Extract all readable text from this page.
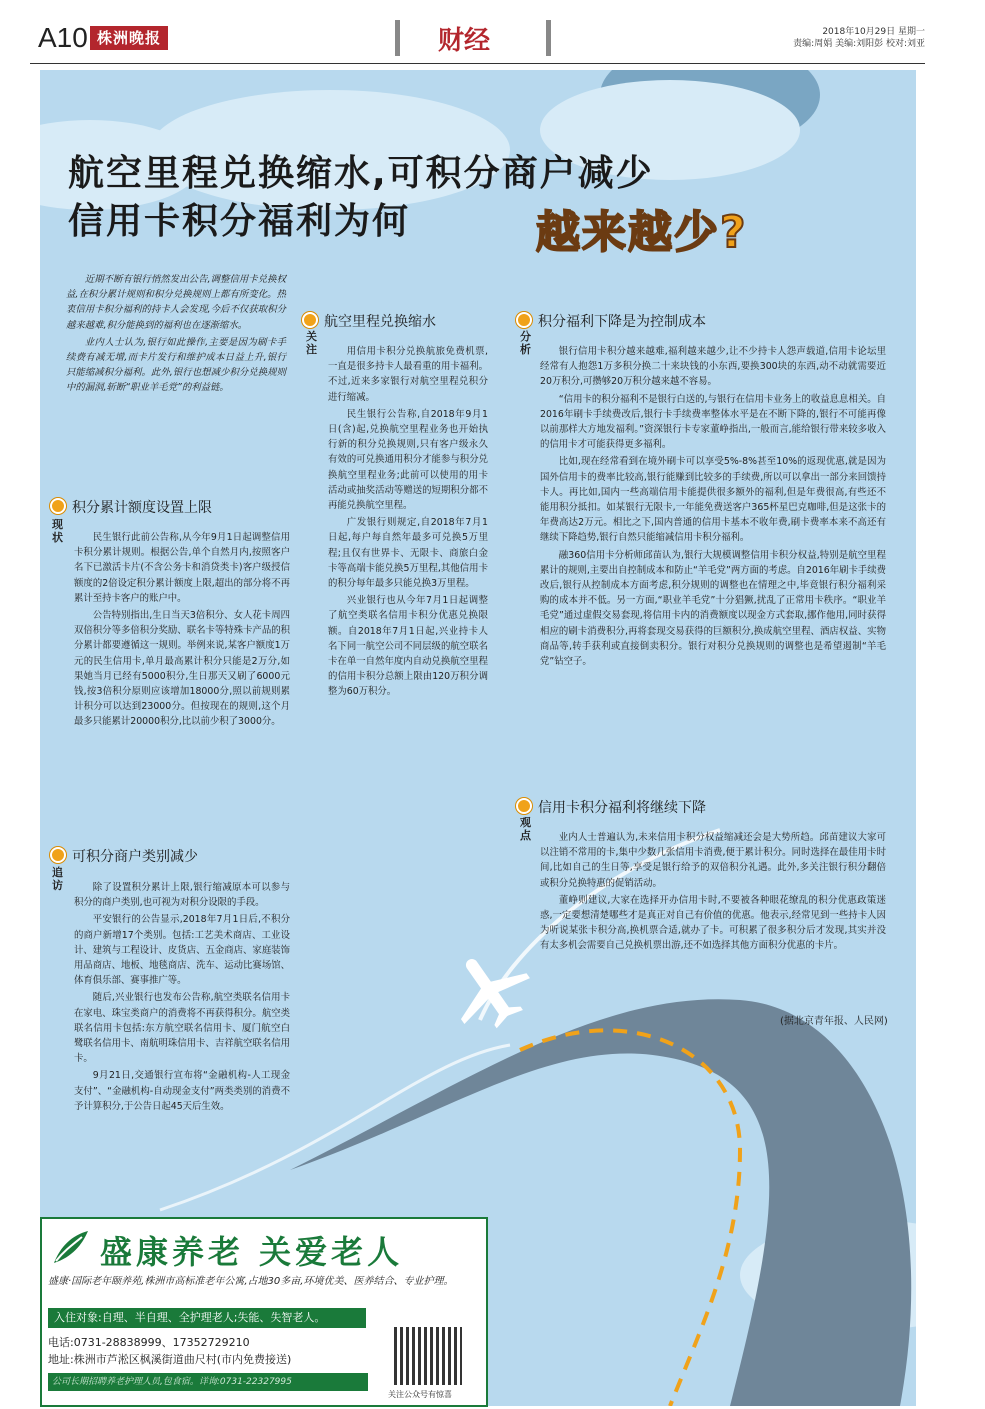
A10 株洲晚报	财经	2018年10月29日 星期一
责编:周娟 美编:刘阳彭 校对:刘亚
航空里程兑换缩水,可积分商户减少
信用卡积分福利为何	越来越少?

近期不断有银行悄然发出公告,调整信用卡兑换权益,在积分累计规则和积分兑换规则上都有所变化。热衷信用卡积分福利的持卡人会发现,今后不仅获取积分越来越难,积分能换到的福利也在逐渐缩水。

业内人士认为,银行如此操作,主要是因为刷卡手续费有减无增,而卡片发行和维护成本日益上升,银行只能缩减积分福利。此外,银行也想减少积分兑换规则中的漏洞,斩断“职业羊毛党”的利益链。

积分累计额度设置上限
现状	民生银行此前公告称,从今年9月1日起调整信用卡积分累计规则。根据公告,单个自然月内,按照客户名下已激活卡片(不含公务卡和消贷类卡)客户级授信额度的2倍设定积分累计额度上限,超出的部分将不再累计至持卡客户的账户中。

公告特别指出,生日当天3倍积分、女人花卡周四双倍积分等多倍积分奖励、联名卡等特殊卡产品的积分累计都要遵循这一规则。举例来说,某客户额度1万元的民生信用卡,单月最高累计积分只能是2万分,如果她当月已经有5000积分,生日那天又刷了6000元钱,按3倍积分原则应该增加18000分,照以前规则累计积分可以达到23000分。但按现在的规则,这个月最多只能累计20000积分,比以前少积了3000分。

可积分商户类别减少
追访	除了设置积分累计上限,银行缩减原本可以参与积分的商户类别,也可视为对积分设限的手段。

平安银行的公告显示,2018年7月1日后,不积分的商户新增17个类别。包括:工艺美术商店、工业设计、建筑与工程设计、皮货店、五金商店、家庭装饰用品商店、地板、地毯商店、洗车、运动比赛场馆、体育俱乐部、赛事推广等。

随后,兴业银行也发布公告称,航空类联名信用卡在家电、珠宝类商户的消费将不再获得积分。航空类联名信用卡包括:东方航空联名信用卡、厦门航空白鹭联名信用卡、南航明珠信用卡、吉祥航空联名信用卡。

9月21日,交通银行宣布将“金融机构-人工现金支付”、“金融机构-自动现金支付”两类类别的消费不予计算积分,于公告日起45天后生效。

航空里程兑换缩水
关注	用信用卡积分兑换航旅免费机票,一直是很多持卡人最看重的用卡福利。不过,近来多家银行对航空里程兑积分进行缩减。

民生银行公告称,自2018年9月1日(含)起,兑换航空里程业务也开始执行新的积分兑换规则,只有客户级永久有效的可兑换通用积分才能参与积分兑换航空里程业务;此前可以使用的用卡活动或抽奖活动等赠送的短期积分都不再能兑换航空里程。

广发银行则规定,自2018年7月1日起,每户每自然年最多可兑换5万里程;且仅有世界卡、无限卡、商旅白金卡等高端卡能兑换5万里程,其他信用卡的积分每年最多只能兑换3万里程。

兴业银行也从今年7月1日起调整了航空类联名信用卡积分优惠兑换限额。自2018年7月1日起,兴业持卡人名下同一航空公司不同层级的航空联名卡在单一自然年度内自动兑换航空里程的信用卡积分总额上限由120万积分调整为60万积分。

积分福利下降是为控制成本
分析	银行信用卡积分越来越难,福利越来越少,让不少持卡人怨声载道,信用卡论坛里经常有人抱怨1万多积分换二十来块钱的小东西,要换300块的东西,动不动就需要近20万积分,可攒够20万积分越来越不容易。

“信用卡的积分福利不是银行白送的,与银行在信用卡业务上的收益息息相关。自2016年刷卡手续费改后,银行卡手续费率整体水平是在不断下降的,银行不可能再像以前那样大方地发福利。”资深银行卡专家董峥指出,一般而言,能给银行带来较多收入的信用卡才可能获得更多福利。

比如,现在经常看到在境外刷卡可以享受5%-8%甚至10%的返现优惠,就是因为国外信用卡的费率比较高,银行能赚到比较多的手续费,所以可以拿出一部分来回馈持卡人。再比如,国内一些高端信用卡能提供很多额外的福利,但是年费很高,有些还不能用积分抵扣。如某银行无限卡,一年能免费送客户365杯星巴克咖啡,但是这张卡的年费高达2万元。相比之下,国内普通的信用卡基本不收年费,刷卡费率本来不高还有继续下降趋势,银行自然只能缩减信用卡积分福利。

融360信用卡分析师邱苗认为,银行大规模调整信用卡积分权益,特别是航空里程累计的规则,主要出自控制成本和防止“羊毛党”两方面的考虑。自2016年刷卡手续费改后,银行从控制成本方面考虑,积分规则的调整也在情理之中,毕竟银行积分福利采购的成本并不低。另一方面,“职业羊毛党”十分猖獗,扰乱了正常用卡秩序。“职业羊毛党”通过虚假交易套现,将信用卡内的消费额度以现金方式套取,挪作他用,同时获得相应的刷卡消费积分,再将套现交易获得的巨额积分,换成航空里程、酒店权益、实物商品等,转手获利或直接倒卖积分。银行对积分兑换规则的调整也是希望遏制“羊毛党”钻空子。

信用卡积分福利将继续下降
观点	业内人士普遍认为,未来信用卡积分权益缩减还会是大势所趋。邱苗建议大家可以注销不常用的卡,集中少数几张信用卡消费,便于累计积分。同时选择在最佳用卡时间,比如自己的生日等,享受足银行给予的双倍积分礼遇。此外,多关注银行积分翻倍或积分兑换特惠的促销活动。

董峥则建议,大家在选择开办信用卡时,不要被各种眼花缭乱的积分优惠政策迷惑,一定要想清楚哪些才是真正对自己有价值的优惠。他表示,经常见到一些持卡人因为听说某张卡积分高,换机票合适,就办了卡。可积累了很多积分后才发现,其实并没有太多机会需要自己兑换机票出游,还不如选择其他方面积分优惠的卡片。

(据北京青年报、人民网)
盛康养老 关爱老人
盛康·国际老年颐养苑,株洲市高标准老年公寓,占地30多亩,环境优美、医养结合、专业护理。
入住对象:自理、半自理、全护理老人;失能、失智老人。
电话:0731-28838999、17352729210
地址:株洲市芦淞区枫溪街道曲尺村(市内免费接送)
公司长期招聘养老护理人员,包食宿。详询:0731-22327995
关注公众号有惊喜
